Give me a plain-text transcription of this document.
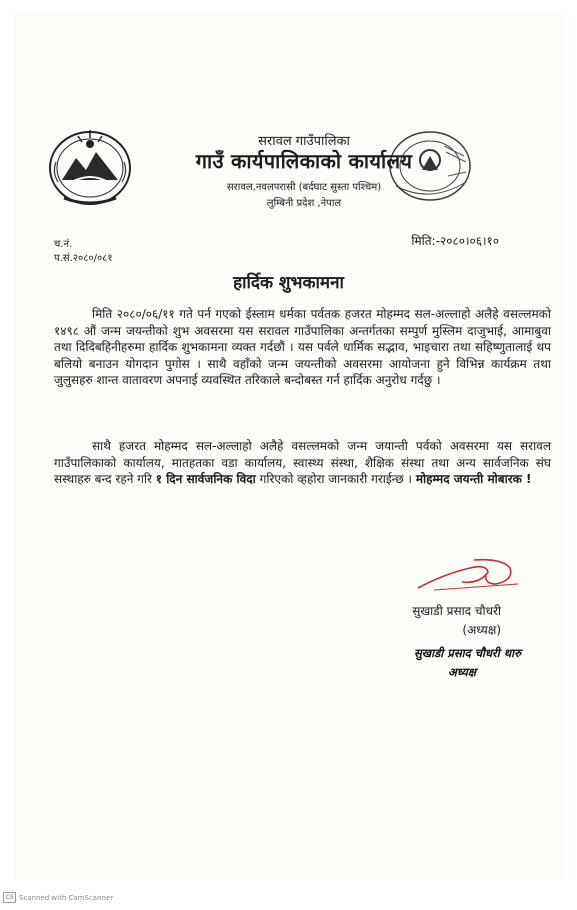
सरावल गाउँपालिका
गाउँ कार्यपालिकाको कार्यालय
सरावल,नवलपरासी (बर्दघाट सुस्ता पश्चिम)
लुम्बिनी प्रदेश ,नेपाल
च.नं.
प.सं.२०८०/०८१
मिति:-२०८०।०६।१०
हार्दिक शुभकामना

मिति २०८०/०६/११ गते पर्न गएको ईस्लाम धर्मका पर्वतक हजरत मोहम्मद सल-अल्लाहो अलैहे वसल्लमको १४९८ औं जन्म जयन्तीको शुभ अवसरमा यस सरावल गाउँपालिका अन्तर्गतका सम्पुर्ण मुस्लिम दाजुभाई, आमाबुवा तथा दिदिबहिनीहरुमा हार्दिक शुभकामना व्यक्त गर्दछौं । यस पर्वले धार्मिक सद्भाव, भाइचारा तथा सहिष्णुतालाई थप बलियो बनाउन योगदान पुगोस । साथै वहाँको जन्म जयन्तीको अवसरमा आयोजना हुने विभिन्न कार्यक्रम तथा जुलुसहरु शान्त वातावरण अपनाई व्यवस्थित तरिकाले बन्दोबस्त गर्न हार्दिक अनुरोध गर्दछु ।

साथै हजरत मोहम्मद सल-अल्लाहो अलैहे वसल्लमको जन्म जयान्ती पर्वको अवसरमा यस सरावल गाउँपालिकाको कार्यालय, मातहतका वडा कार्यालय, स्वास्थ्य संस्था, शैक्षिक संस्था तथा अन्य सार्वजनिक संघ सस्थाहरु बन्द रहने गरि १ दिन सार्वजनिक विदा गरिएको व्हहोरा जानकारी गराईन्छ । मोहम्मद जयन्ती मोबारक !

सुखाडी प्रसाद चौधरी
(अध्यक्ष)
सुखाडी प्रसाद चौधरी थारु
अध्यक्ष
CS Scanned with CamScanner
